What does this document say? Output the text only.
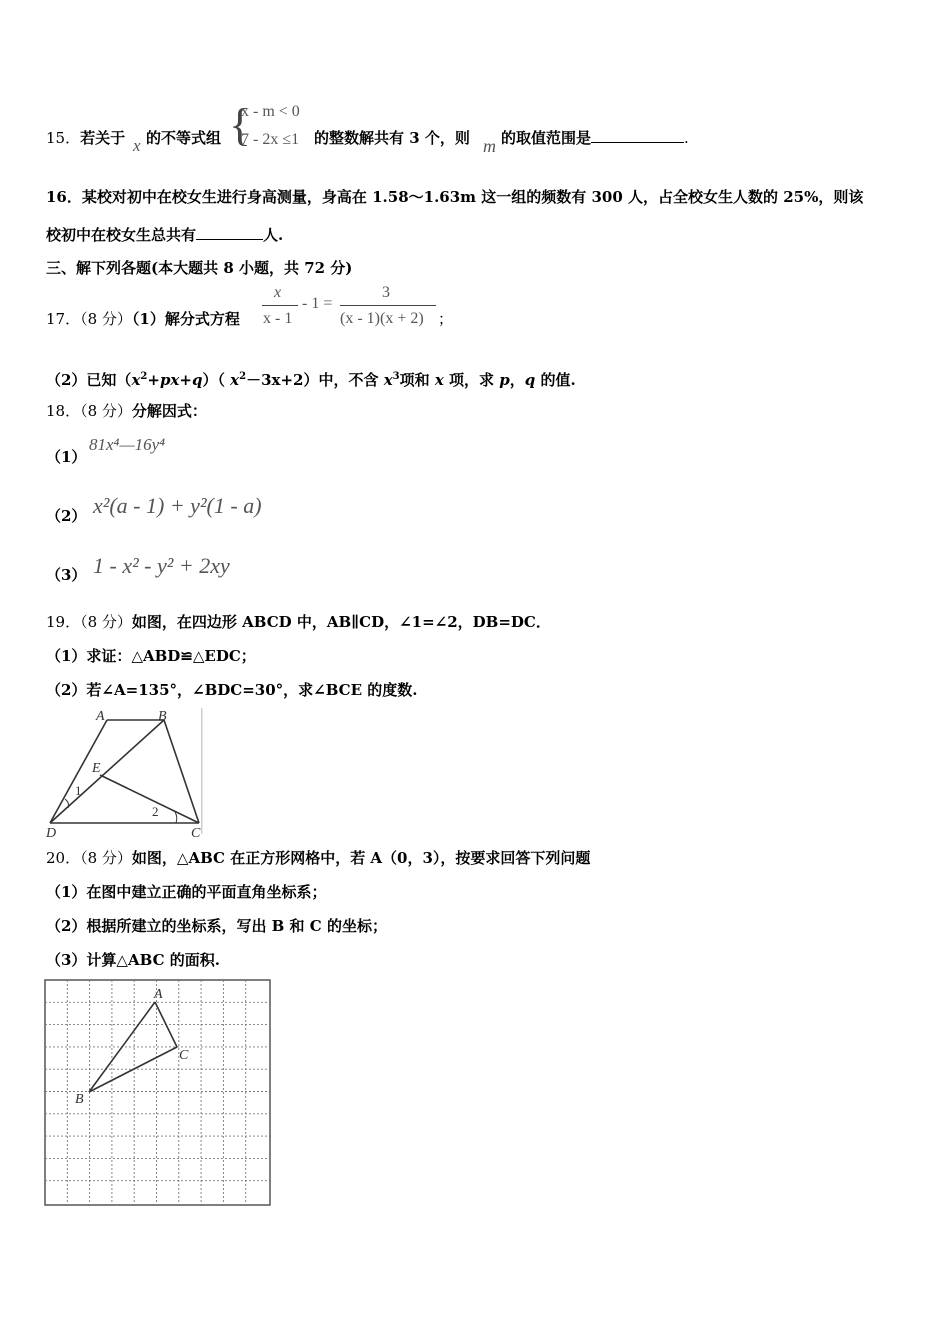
15．若关于 x 的不等式组 {
x - m < 0
7 - 2x ≤1 的整数解共有 3 个，则 m 的取值范围是	.
16．某校对初中在校女生进行身高测量，身高在 1.58～1.63m 这一组的频数有 300 人，占全校女生人数的 25%，则该
校初中在校女生总共有	人.
三、解下列各题(本大题共 8 小题，共 72 分)
17．（8 分）（1）解分式方程
x
x - 1
- 1 =
3
(x - 1)(x + 2) ；
（2）已知$(x^2+px+q)$（ $x^2-3x+2$）中，不含 $x^3$项和 x 项，求 p，q 的值.
18．（8 分）分解因式：
（1）
81x⁴—16y⁴
（2） x²(a - 1) + y²(1 - a)
（3） 1 - x² - y² + 2xy
19．（8 分）如图，在四边形 ABCD 中，AB∥CD，∠1=∠2，DB=DC．
（1）求证：△ABD≌△EDC；
（2）若∠A=135°，∠BDC=30°，求∠BCE 的度数.
A	B
E
1
2
D	C
20．（8 分）如图，△ABC 在正方形网格中，若 A（0，3），按要求回答下列问题
（1）在图中建立正确的平面直角坐标系；
（2）根据所建立的坐标系，写出 B 和 C 的坐标；
（3）计算△ABC 的面积.
A
C
B
